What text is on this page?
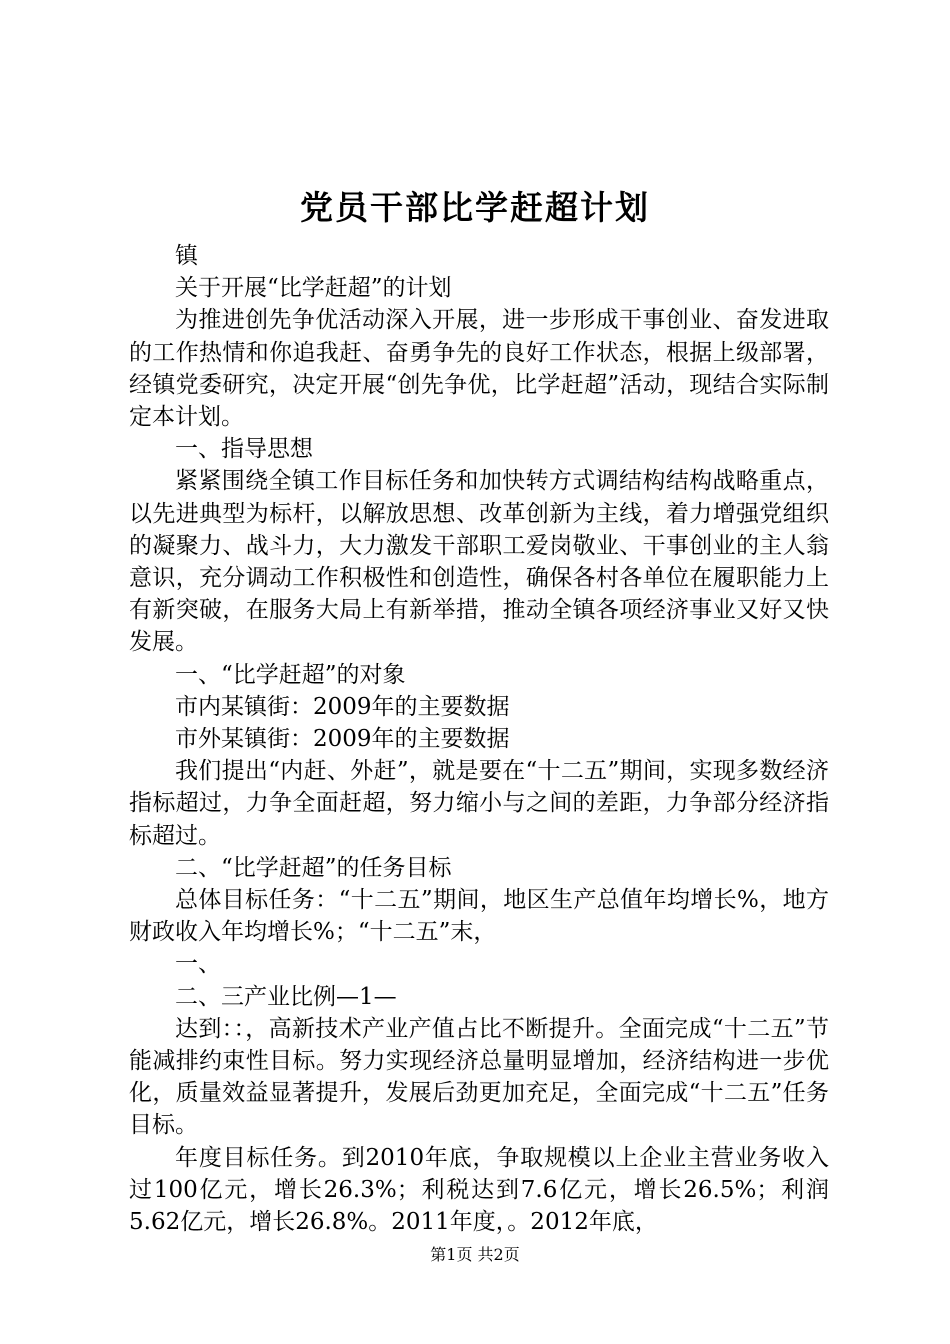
党员干部比学赶超计划

镇

关于开展“比学赶超”的计划

为推进创先争优活动深入开展，进一步形成干事创业、奋发进取的工作热情和你追我赶、奋勇争先的良好工作状态，根据上级部署，经镇党委研究，决定开展“创先争优，比学赶超”活动，现结合实际制定本计划。

一、指导思想

紧紧围绕全镇工作目标任务和加快转方式调结构结构战略重点，以先进典型为标杆，以解放思想、改革创新为主线，着力增强党组织的凝聚力、战斗力，大力激发干部职工爱岗敬业、干事创业的主人翁意识，充分调动工作积极性和创造性，确保各村各单位在履职能力上有新突破，在服务大局上有新举措，推动全镇各项经济事业又好又快发展。

一、“比学赶超”的对象

市内某镇街：2009年的主要数据

市外某镇街：2009年的主要数据

我们提出“内赶、外赶”，就是要在“十二五”期间，实现多数经济指标超过，力争全面赶超，努力缩小与之间的差距，力争部分经济指标超过。

二、“比学赶超”的任务目标

总体目标任务：“十二五”期间，地区生产总值年均增长%，地方财政收入年均增长%；“十二五”末，

一、

二、三产业比例—1—

达到：：，高新技术产业产值占比不断提升。全面完成“十二五”节能减排约束性目标。努力实现经济总量明显增加，经济结构进一步优化，质量效益显著提升，发展后劲更加充足，全面完成“十二五”任务目标。

年度目标任务。到2010年底，争取规模以上企业主营业务收入过100亿元，增长26.3%；利税达到7.6亿元，增长26.5%；利润5.62亿元，增长26.8%。2011年度，。2012年底，

第1页 共2页
